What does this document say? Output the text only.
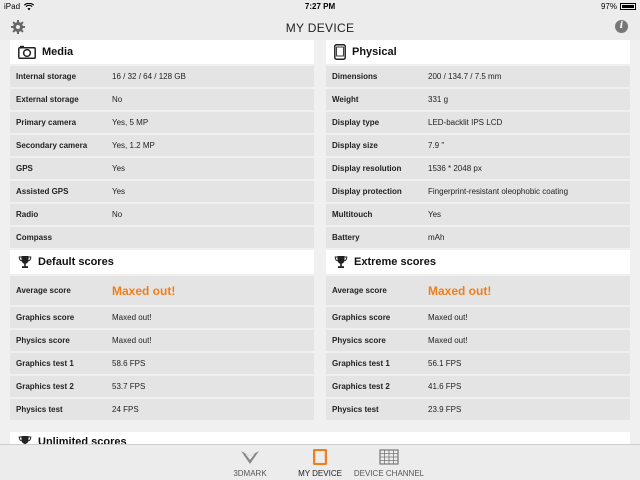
iPad	7:27 PM	97%
MY DEVICE	i
Media
Internal storage	16 / 32 / 64 / 128 GB
External storage	No
Primary camera	Yes, 5 MP
Secondary camera	Yes, 1.2 MP
GPS	Yes
Assisted GPS	Yes
Radio	No
Compass
Default scores
Average score	Maxed out!
Graphics score	Maxed out!
Physics score	Maxed out!
Graphics test 1	58.6 FPS
Graphics test 2	53.7 FPS
Physics test	24 FPS
Physical
Dimensions	200 / 134.7 / 7.5 mm
Weight	331 g
Display type	LED-backlit IPS LCD
Display size	7.9 "
Display resolution	1536 * 2048 px
Display protection	Fingerprint-resistant oleophobic coating
Multitouch	Yes
Battery	mAh
Extreme scores
Average score	Maxed out!
Graphics score	Maxed out!
Physics score	Maxed out!
Graphics test 1	56.1 FPS
Graphics test 2	41.6 FPS
Physics test	23.9 FPS
Unlimited scores
3DMARK	MY DEVICE	DEVICE CHANNEL
